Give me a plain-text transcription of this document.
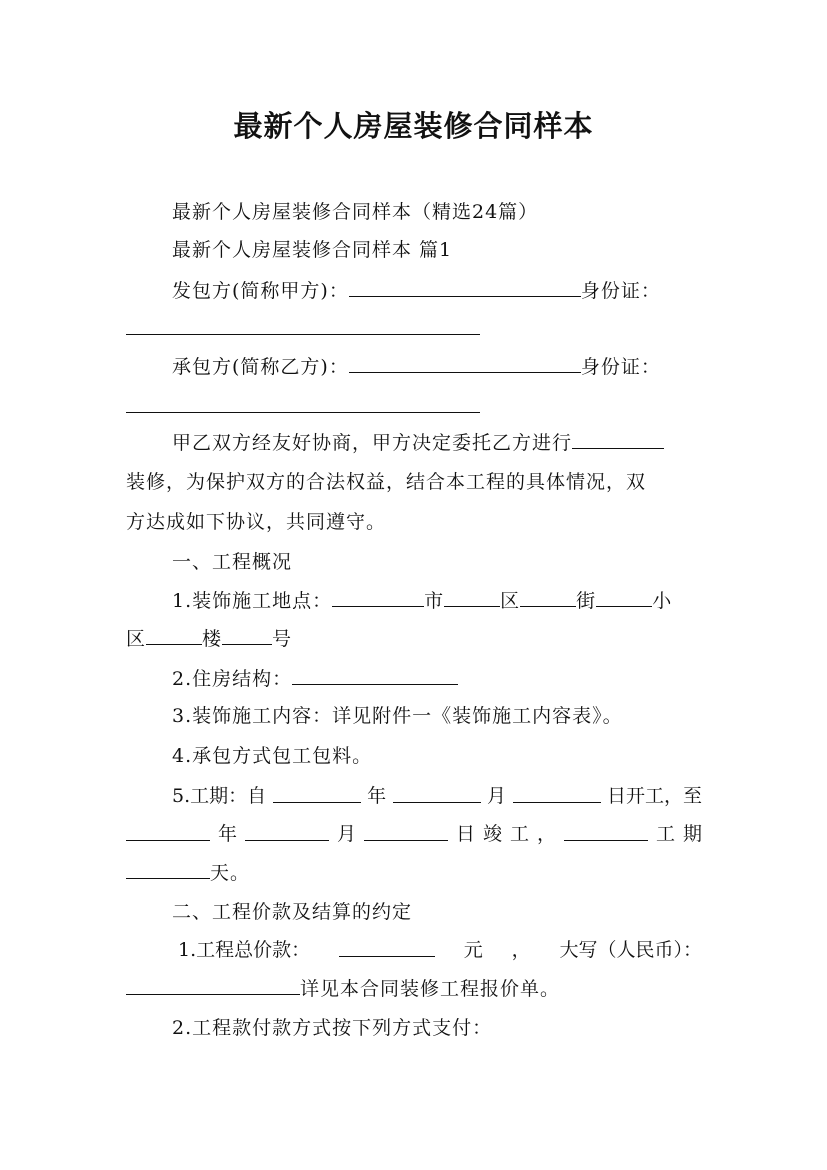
最新个人房屋装修合同样本
最新个人房屋装修合同样本（精选24篇）
最新个人房屋装修合同样本 篇1
发包方(简称甲方)：	身份证：
承包方(简称乙方)：	身份证：
甲乙双方经友好协商，甲方决定委托乙方进行
装修，为保护双方的合法权益，结合本工程的具体情况，双
方达成如下协议，共同遵守。
一、工程概况
1.装饰施工地点：	市	区	街	小
区	楼	号
2.住房结构：
3.装饰施工内容：详见附件一《装饰施工内容表》。
4.承包方式包工包料。
5.工期：自	年	月	日开工，至
年	月	日 竣 工 ，	工 期
天。
二、工程价款及结算的约定
1.工程总价款：	元 ， 大写（人民币）：
详见本合同装修工程报价单。
2.工程款付款方式按下列方式支付：
